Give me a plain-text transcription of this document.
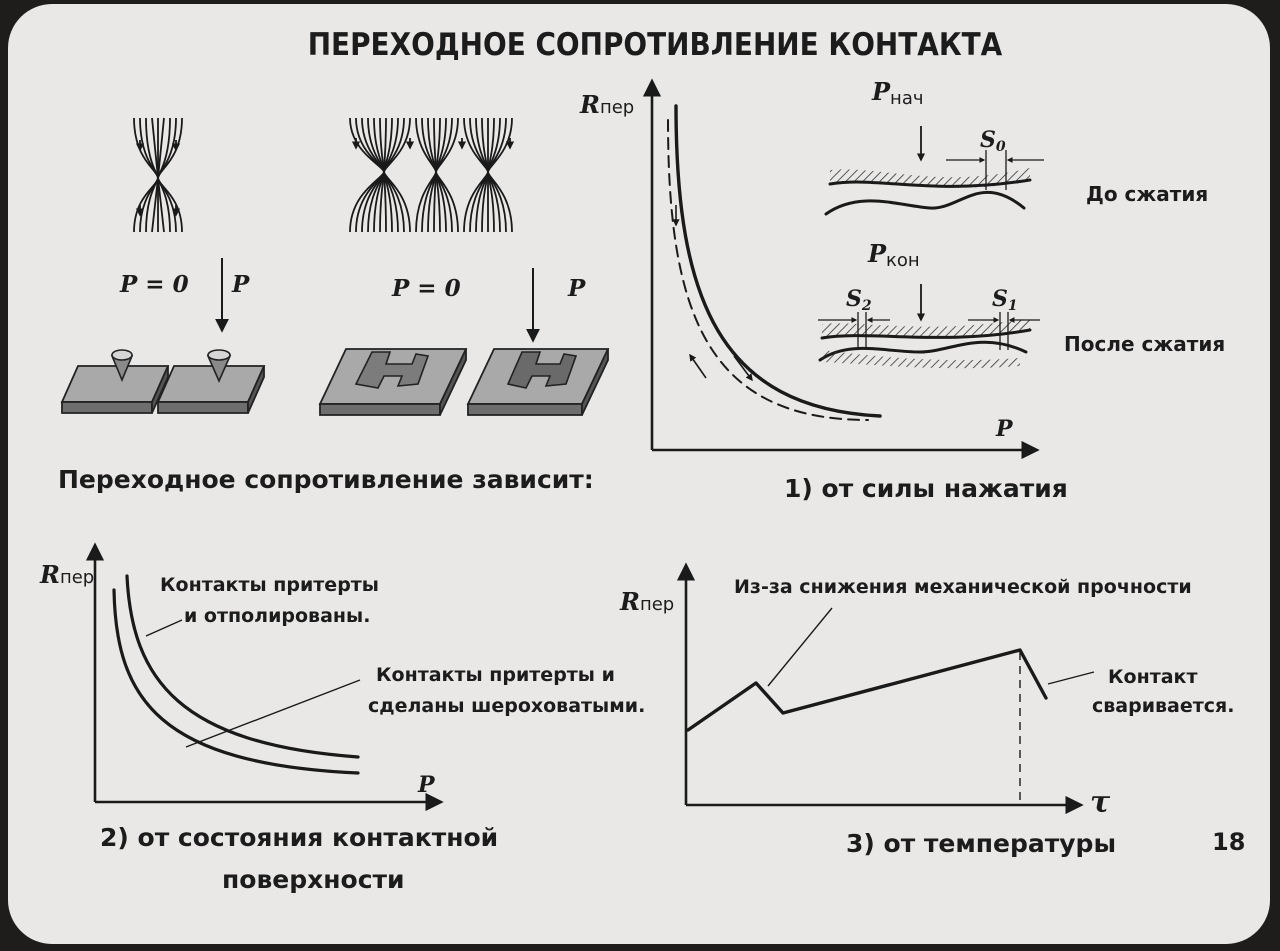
ПЕРЕХОДНОЕ СОПРОТИВЛЕНИЕ КОНТАКТА
P = 0 P	P = 0	P
Rпер
P
Pнач
S0
До сжатия
Pкон
S2	S1
После сжатия
Переходное сопротивление зависит:	1) от силы нажатия
Rпер
P
Контакты притерты
и отполированы.
Контакты притерты и
сделаны шероховатыми.
2) от состояния контактной
поверхности
Rпер
τ
Из-за снижения механической прочности
Контакт
сваривается.
3) от температуры	18
